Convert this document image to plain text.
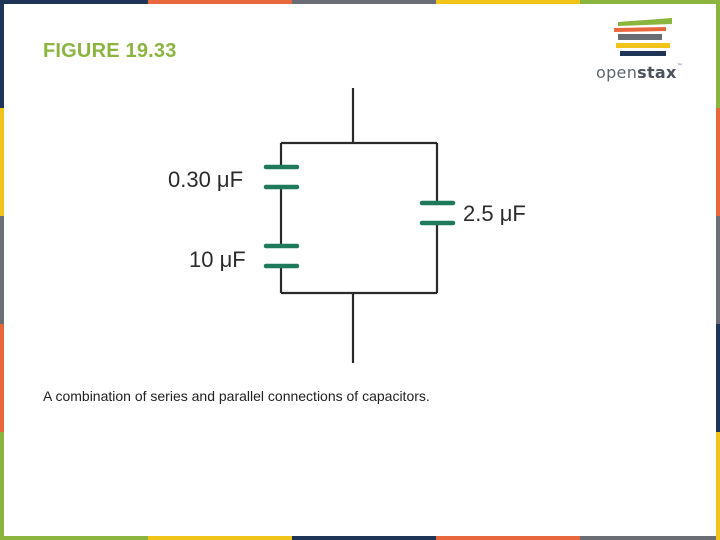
FIGURE 19.33
openstax™
0.30 μF
10 μF
2.5 μF
A combination of series and parallel connections of capacitors.
